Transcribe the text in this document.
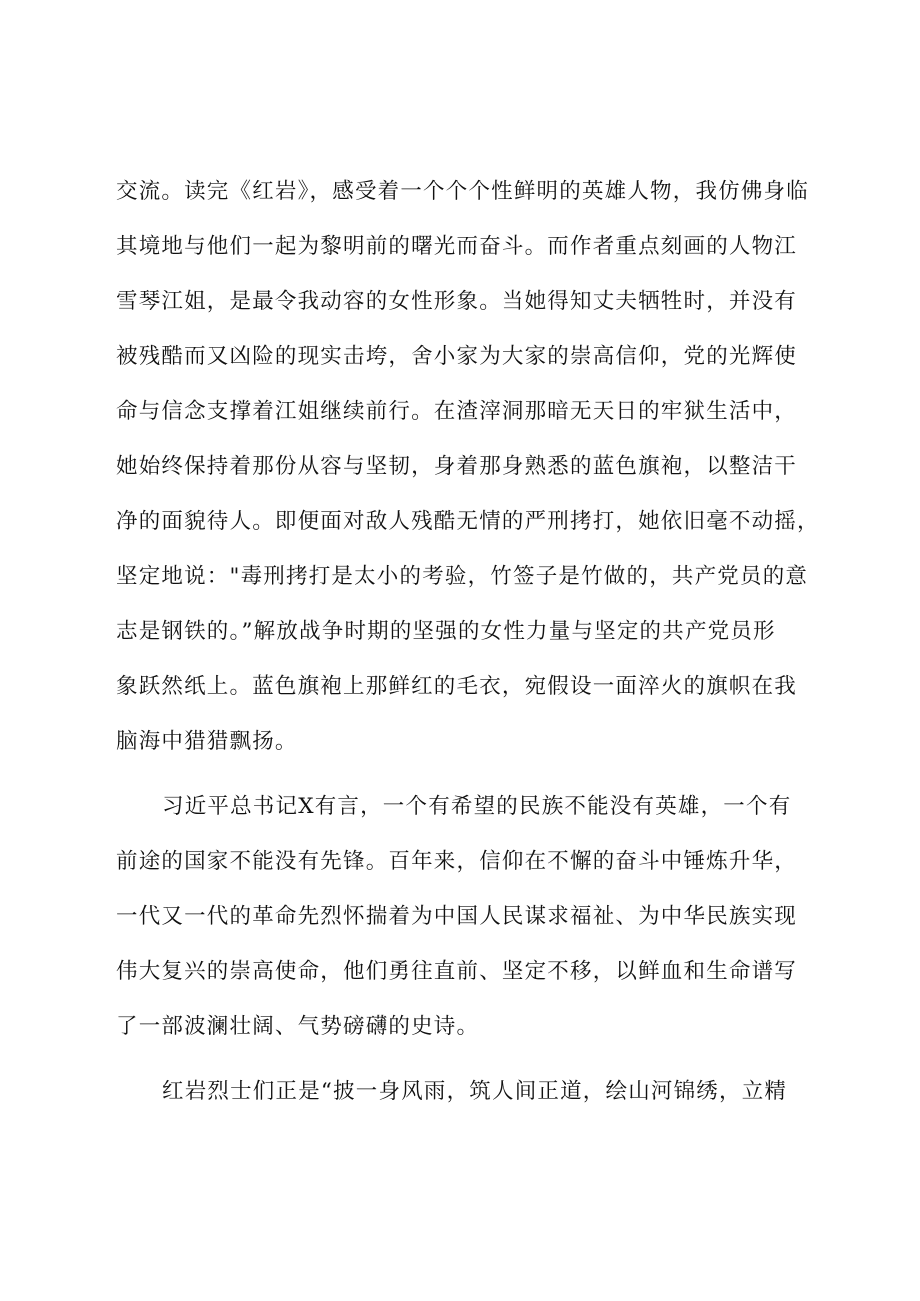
交流。读完《红岩》，感受着一个个个性鲜明的英雄人物，我仿佛身临
其境地与他们一起为黎明前的曙光而奋斗。而作者重点刻画的人物江
雪琴江姐，是最令我动容的女性形象。当她得知丈夫牺牲时，并没有
被残酷而又凶险的现实击垮，舍小家为大家的崇高信仰，党的光辉使
命与信念支撑着江姐继续前行。在渣滓洞那暗无天日的牢狱生活中，
她始终保持着那份从容与坚韧，身着那身熟悉的蓝色旗袍，以整洁干
净的面貌待人。即便面对敌人残酷无情的严刑拷打，她依旧毫不动摇，
坚定地说："毒刑拷打是太小的考验，竹签子是竹做的，共产党员的意
志是钢铁的。”解放战争时期的坚强的女性力量与坚定的共产党员形
象跃然纸上。蓝色旗袍上那鲜红的毛衣，宛假设一面淬火的旗帜在我
脑海中猎猎飘扬。
习近平总书记X有言，一个有希望的民族不能没有英雄，一个有
前途的国家不能没有先锋。百年来，信仰在不懈的奋斗中锤炼升华，
一代又一代的革命先烈怀揣着为中国人民谋求福祉、为中华民族实现
伟大复兴的崇高使命，他们勇往直前、坚定不移，以鲜血和生命谱写
了一部波澜壮阔、气势磅礴的史诗。
红岩烈士们正是“披一身风雨，筑人间正道，绘山河锦绣，立精
